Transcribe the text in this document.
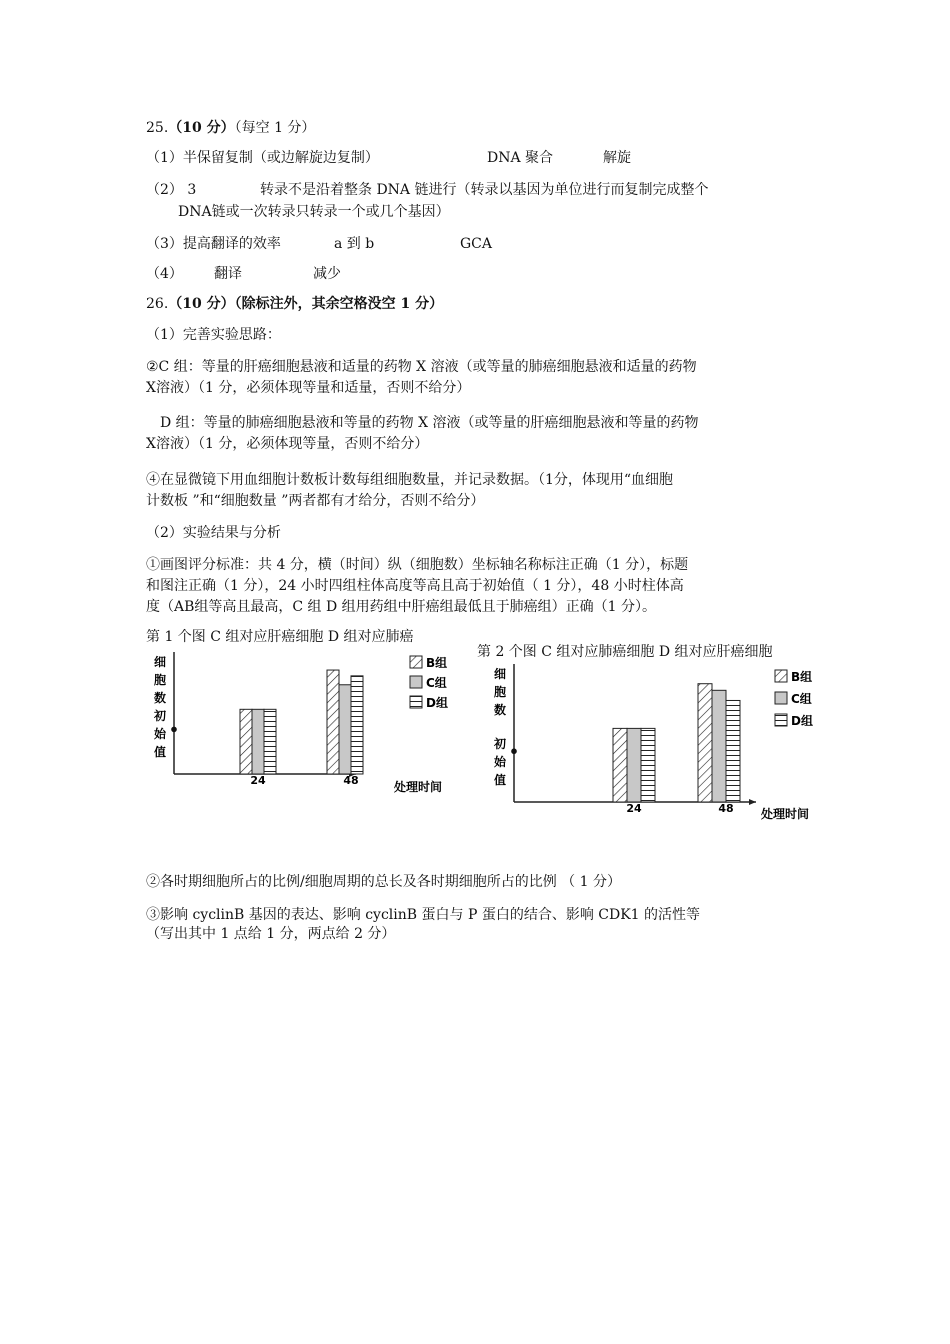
25.（10 分）（每空 1 分）
（1）半保留复制（或边解旋边复制）	DNA 聚合	解旋
（2） 3	转录不是沿着整条 DNA 链进行（转录以基因为单位进行而复制完成整个
DNA链或一次转录只转录一个或几个基因）
（3）提高翻译的效率	a 到 b	GCA
（4） 翻译	减少
26.（10 分）（除标注外，其余空格没空 1 分）
（1）完善实验思路：
②C 组：等量的肝癌细胞悬液和适量的药物 X 溶液（或等量的肺癌细胞悬液和适量的药物
X溶液）（1 分，必须体现等量和适量，否则不给分）
D 组：等量的肺癌细胞悬液和等量的药物 X 溶液（或等量的肝癌细胞悬液和等量的药物
X溶液）（1 分，必须体现等量，否则不给分）
④在显微镜下用血细胞计数板计数每组细胞数量，并记录数据。（1分，体现用“血细胞
计数板 ”和“细胞数量 ”两者都有才给分，否则不给分）
（2）实验结果与分析
①画图评分标准：共 4 分，横（时间）纵（细胞数）坐标轴名称标注正确（1 分），标题
和图注正确（1 分），24 小时四组柱体高度等高且高于初始值（ 1 分），48 小时柱体高
度（AB组等高且最高，C 组 D 组用药组中肝癌组最低且于肺癌组）正确（1 分）。
第 1 个图 C 组对应肝癌细胞 D 组对应肺癌
第 2 个图 C 组对应肺癌细胞 D 组对应肝癌细胞
细
胞
数
初
始
值
24	48	处理时间
B组
C组
D组
细
胞
数
初
始
值
24	48 处理时间
B组
C组
D组
②各时期细胞所占的比例/细胞周期的总长及各时期细胞所占的比例 （ 1 分）
③影响 cyclinB 基因的表达、影响 cyclinB 蛋白与 P 蛋白的结合、影响 CDK1 的活性等
（写出其中 1 点给 1 分，两点给 2 分）
